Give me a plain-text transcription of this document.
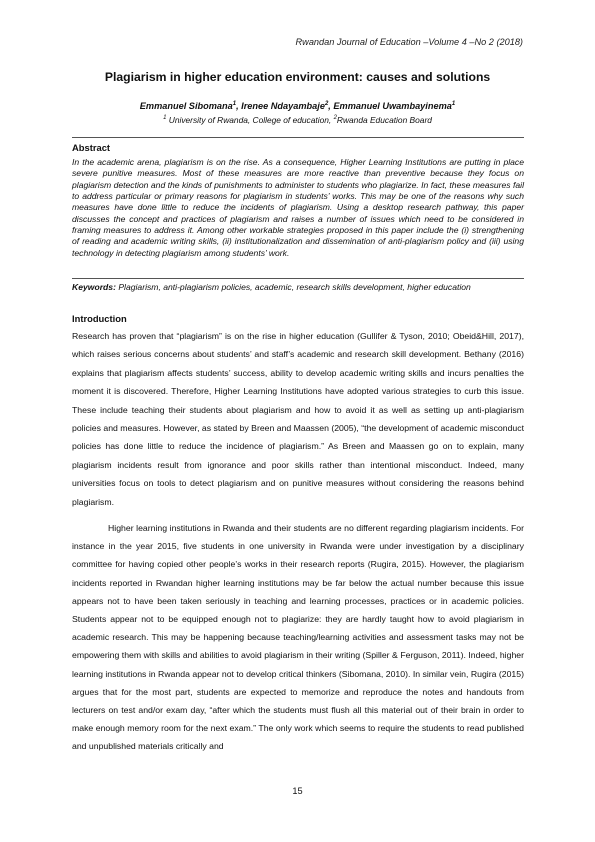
Rwandan Journal of Education –Volume 4 –No 2 (2018)
Plagiarism in higher education environment: causes and solutions
Emmanuel Sibomana$^1$, Irenee Ndayambaje$^2$, Emmanuel Uwambayinema$^1$
$^1$ University of Rwanda, College of education, $^2$Rwanda Education Board
Abstract
In the academic arena, plagiarism is on the rise. As a consequence, Higher Learning Institutions are putting in place severe punitive measures. Most of these measures are more reactive than preventive because they focus on plagiarism detection and the kinds of punishments to administer to students who plagiarize. In fact, these measures fail to address particular or primary reasons for plagiarism in students’ works. This may be one of the reasons why such measures have done little to reduce the incidents of plagiarism. Using a desktop research pathway, this paper discusses the concept and practices of plagiarism and raises a number of issues which need to be considered in framing measures to address it. Among other workable strategies proposed in this paper include the (i) strengthening of reading and academic writing skills, (ii) institutionalization and dissemination of anti-plagiarism policy and (iii) using technology in detecting plagiarism among students’ work.
Keywords: Plagiarism, anti-plagiarism policies, academic, research skills development, higher education
Introduction
Research has proven that “plagiarism” is on the rise in higher education (Gullifer & Tyson, 2010; Obeid&Hill, 2017), which raises serious concerns about students’ and staff’s academic and research skill development. Bethany (2016) explains that plagiarism affects students’ success, ability to develop academic writing skills and incurs penalties the moment it is discovered. Therefore, Higher Learning Institutions have adopted various strategies to curb this issue. These include teaching their students about plagiarism and how to avoid it as well as setting up anti-plagiarism policies and measures. However, as stated by Breen and Maassen (2005), “the development of academic misconduct policies has done little to reduce the incidence of plagiarism.” As Breen and Maassen go on to explain, many plagiarism incidents result from ignorance and poor skills rather than intentional misconduct. Indeed, many universities focus on tools to detect plagiarism and on punitive measures without considering the reasons behind plagiarism.
Higher learning institutions in Rwanda and their students are no different regarding plagiarism incidents. For instance in the year 2015, five students in one university in Rwanda were under investigation by a disciplinary committee for having copied other people’s works in their research reports (Rugira, 2015). However, the plagiarism incidents reported in Rwandan higher learning institutions may be far below the actual number because this issue appears not to have been taken seriously in teaching and learning processes, practices or in academic policies. Students appear not to be equipped enough not to plagiarize: they are hardly taught how to avoid plagiarism in academic research. This may be happening because teaching/learning activities and assessment tasks may not be empowering them with skills and abilities to avoid plagiarism in their writing (Spiller & Ferguson, 2011). Indeed, higher learning institutions in Rwanda appear not to develop critical thinkers (Sibomana, 2010). In similar vein, Rugira (2015) argues that for the most part, students are expected to memorize and reproduce the notes and handouts from lecturers on test and/or exam day, “after which the students must flush all this material out of their brain in order to make enough memory room for the next exam.” The only work which seems to require the students to read published and unpublished materials critically and
15
